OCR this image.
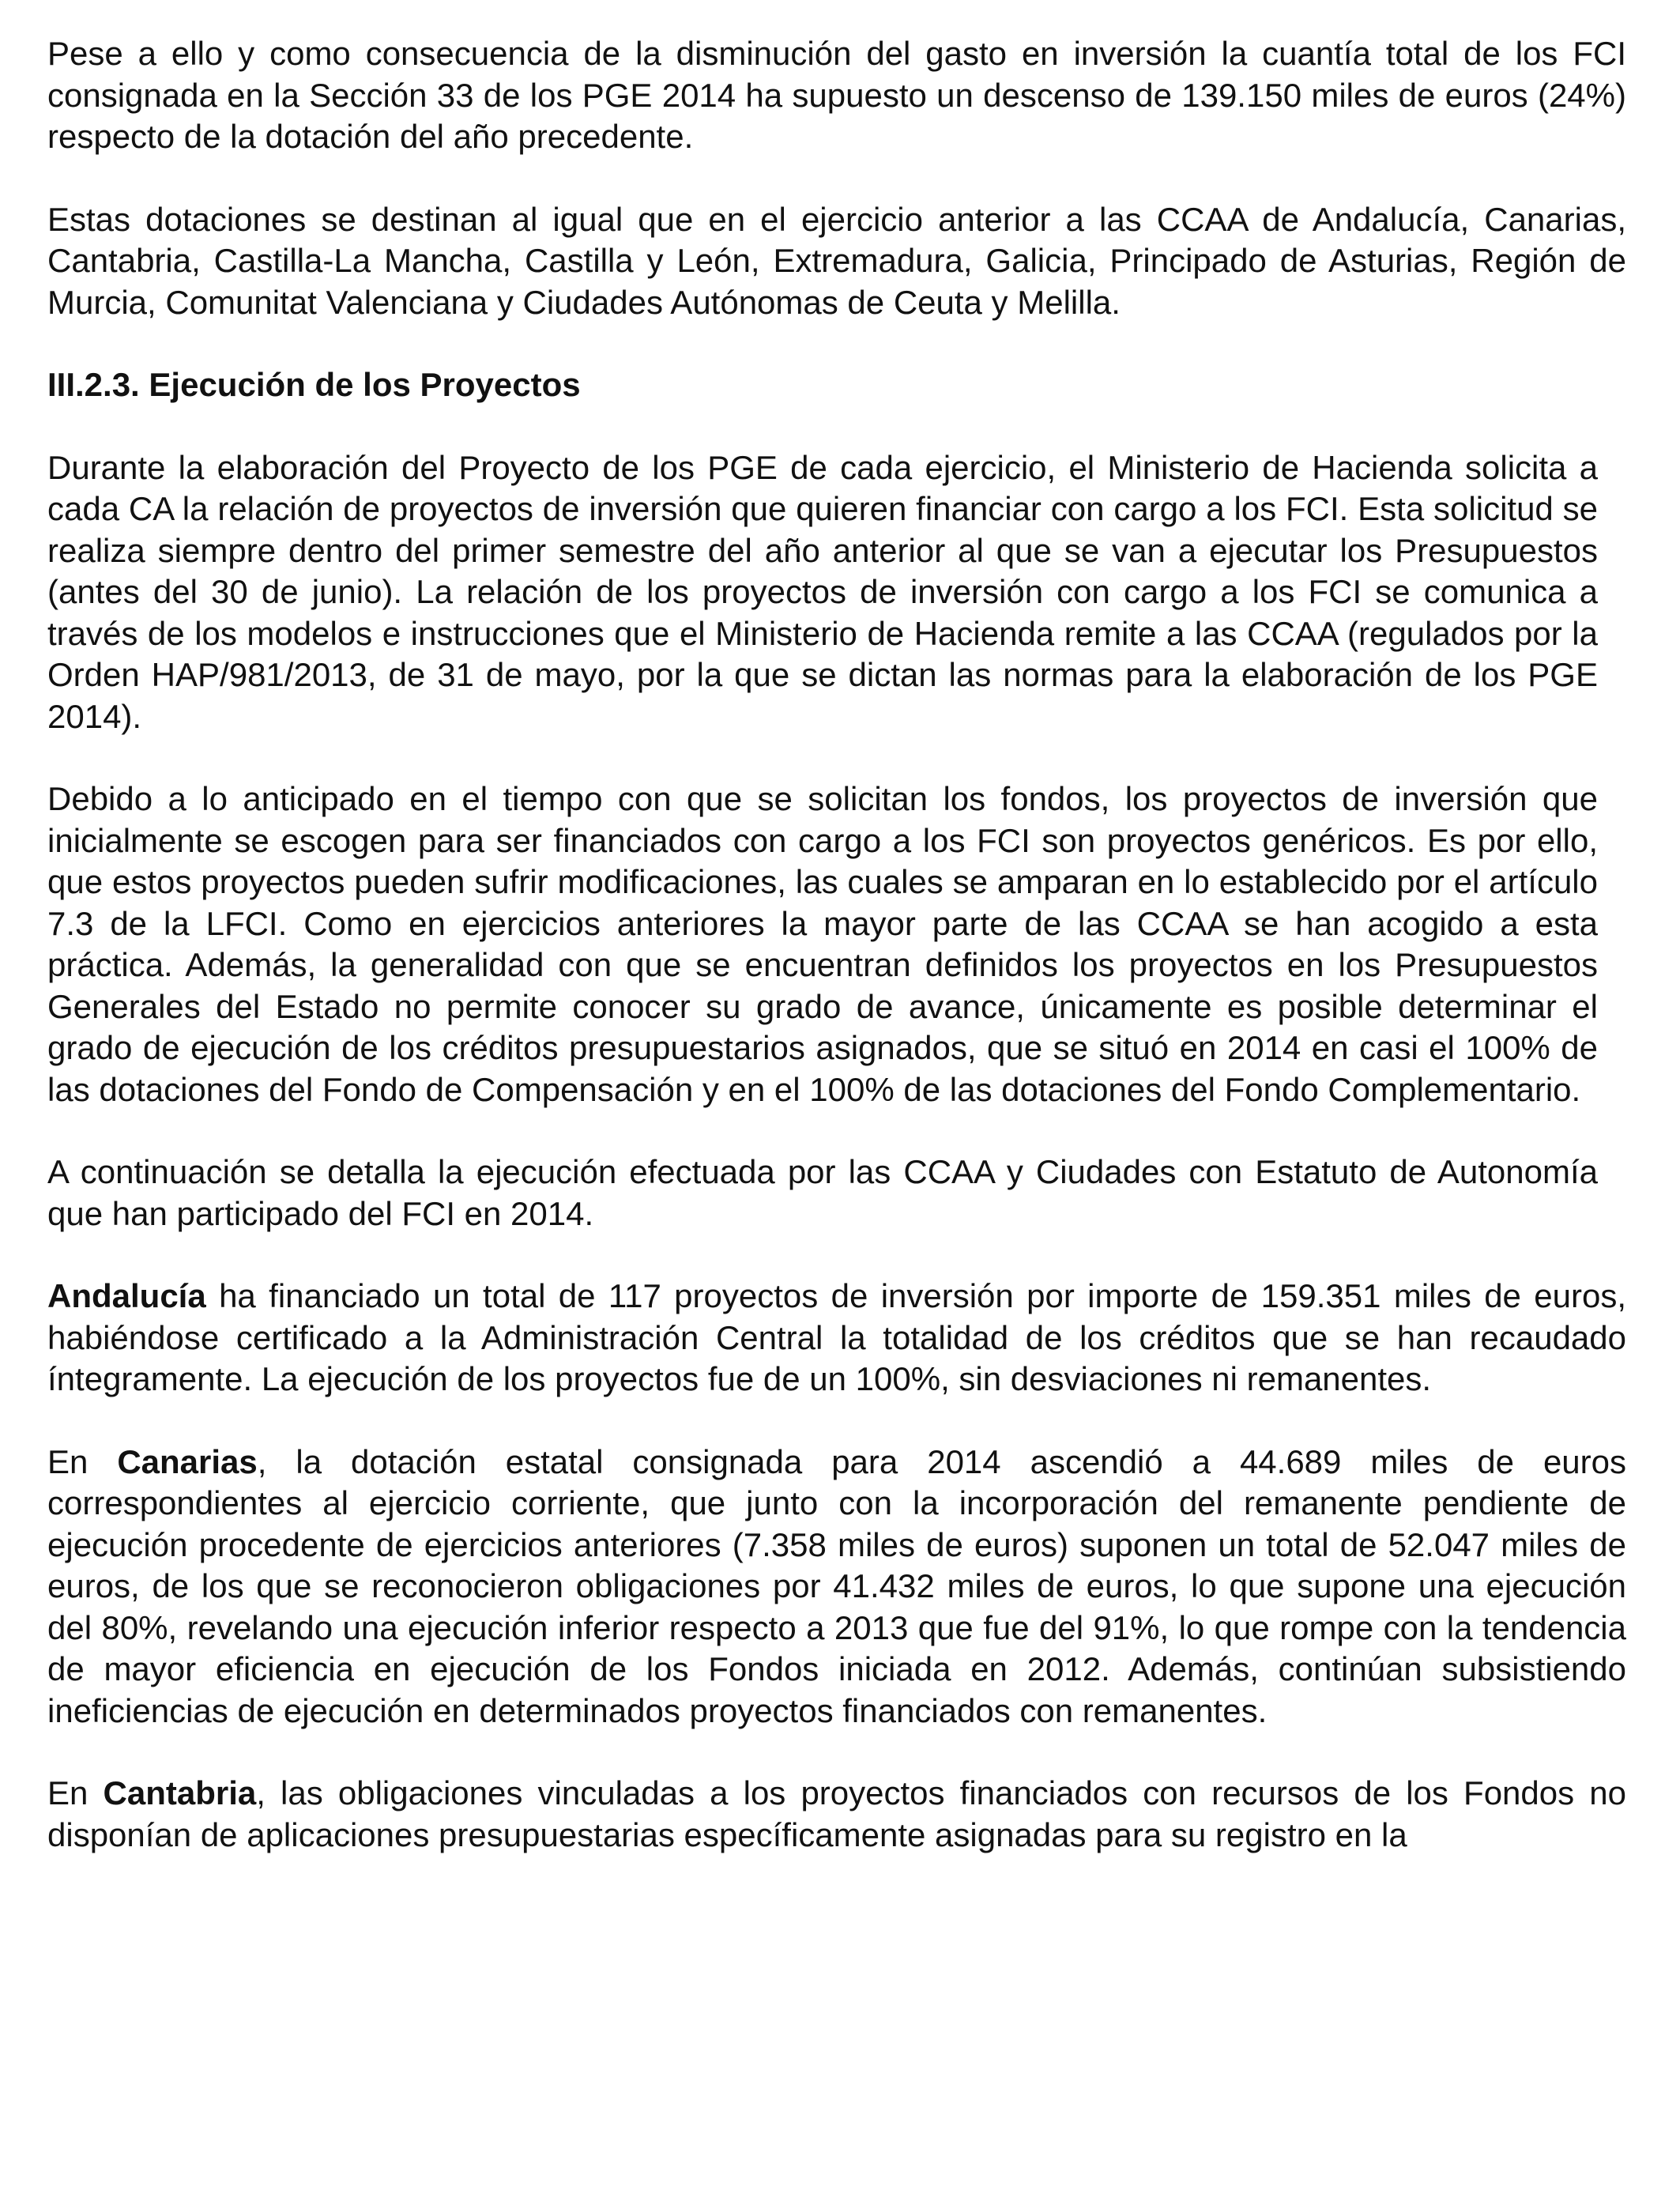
Pese a ello y como consecuencia de la disminución del gasto en inversión la cuantía total de los FCI consignada en la Sección 33 de los PGE 2014 ha supuesto un descenso de 139.150 miles de euros (24%) respecto de la dotación del año precedente.

Estas dotaciones se destinan al igual que en el ejercicio anterior a las CCAA de Andalucía, Canarias, Cantabria, Castilla-La Mancha, Castilla y León, Extremadura, Galicia, Principado de Asturias, Región de Murcia, Comunitat Valenciana y Ciudades Autónomas de Ceuta y Melilla.

III.2.3. Ejecución de los Proyectos

Durante la elaboración del Proyecto de los PGE de cada ejercicio, el Ministerio de Hacienda solicita a cada CA la relación de proyectos de inversión que quieren financiar con cargo a los FCI. Esta solicitud se realiza siempre dentro del primer semestre del año anterior al que se van a ejecutar los Presupuestos (antes del 30 de junio). La relación de los proyectos de inversión con cargo a los FCI se comunica a través de los modelos e instrucciones que el Ministerio de Hacienda remite a las CCAA (regulados por la Orden HAP/981/2013, de 31 de mayo, por la que se dictan las normas para la elaboración de los PGE 2014).

Debido a lo anticipado en el tiempo con que se solicitan los fondos, los proyectos de inversión que inicialmente se escogen para ser financiados con cargo a los FCI son proyectos genéricos. Es por ello, que estos proyectos pueden sufrir modificaciones, las cuales se amparan en lo establecido por el artículo 7.3 de la LFCI. Como en ejercicios anteriores la mayor parte de las CCAA se han acogido a esta práctica. Además, la generalidad con que se encuentran definidos los proyectos en los Presupuestos Generales del Estado no permite conocer su grado de avance, únicamente es posible determinar el grado de ejecución de los créditos presupuestarios asignados, que se situó en 2014 en casi el 100% de las dotaciones del Fondo de Compensación y en el 100% de las dotaciones del Fondo Complementario.

A continuación se detalla la ejecución efectuada por las CCAA y Ciudades con Estatuto de Autonomía que han participado del FCI en 2014.

Andalucía ha financiado un total de 117 proyectos de inversión por importe de 159.351 miles de euros, habiéndose certificado a la Administración Central la totalidad de los créditos que se han recaudado íntegramente. La ejecución de los proyectos fue de un 100%, sin desviaciones ni remanentes.

En Canarias, la dotación estatal consignada para 2014 ascendió a 44.689 miles de euros correspondientes al ejercicio corriente, que junto con la incorporación del remanente pendiente de ejecución procedente de ejercicios anteriores (7.358 miles de euros) suponen un total de 52.047 miles de euros, de los que se reconocieron obligaciones por 41.432 miles de euros, lo que supone una ejecución del 80%, revelando una ejecución inferior respecto a 2013 que fue del 91%, lo que rompe con la tendencia de mayor eficiencia en ejecución de los Fondos iniciada en 2012. Además, continúan subsistiendo ineficiencias de ejecución en determinados proyectos financiados con remanentes.

En Cantabria, las obligaciones vinculadas a los proyectos financiados con recursos de los Fondos no disponían de aplicaciones presupuestarias específicamente asignadas para su registro en la
